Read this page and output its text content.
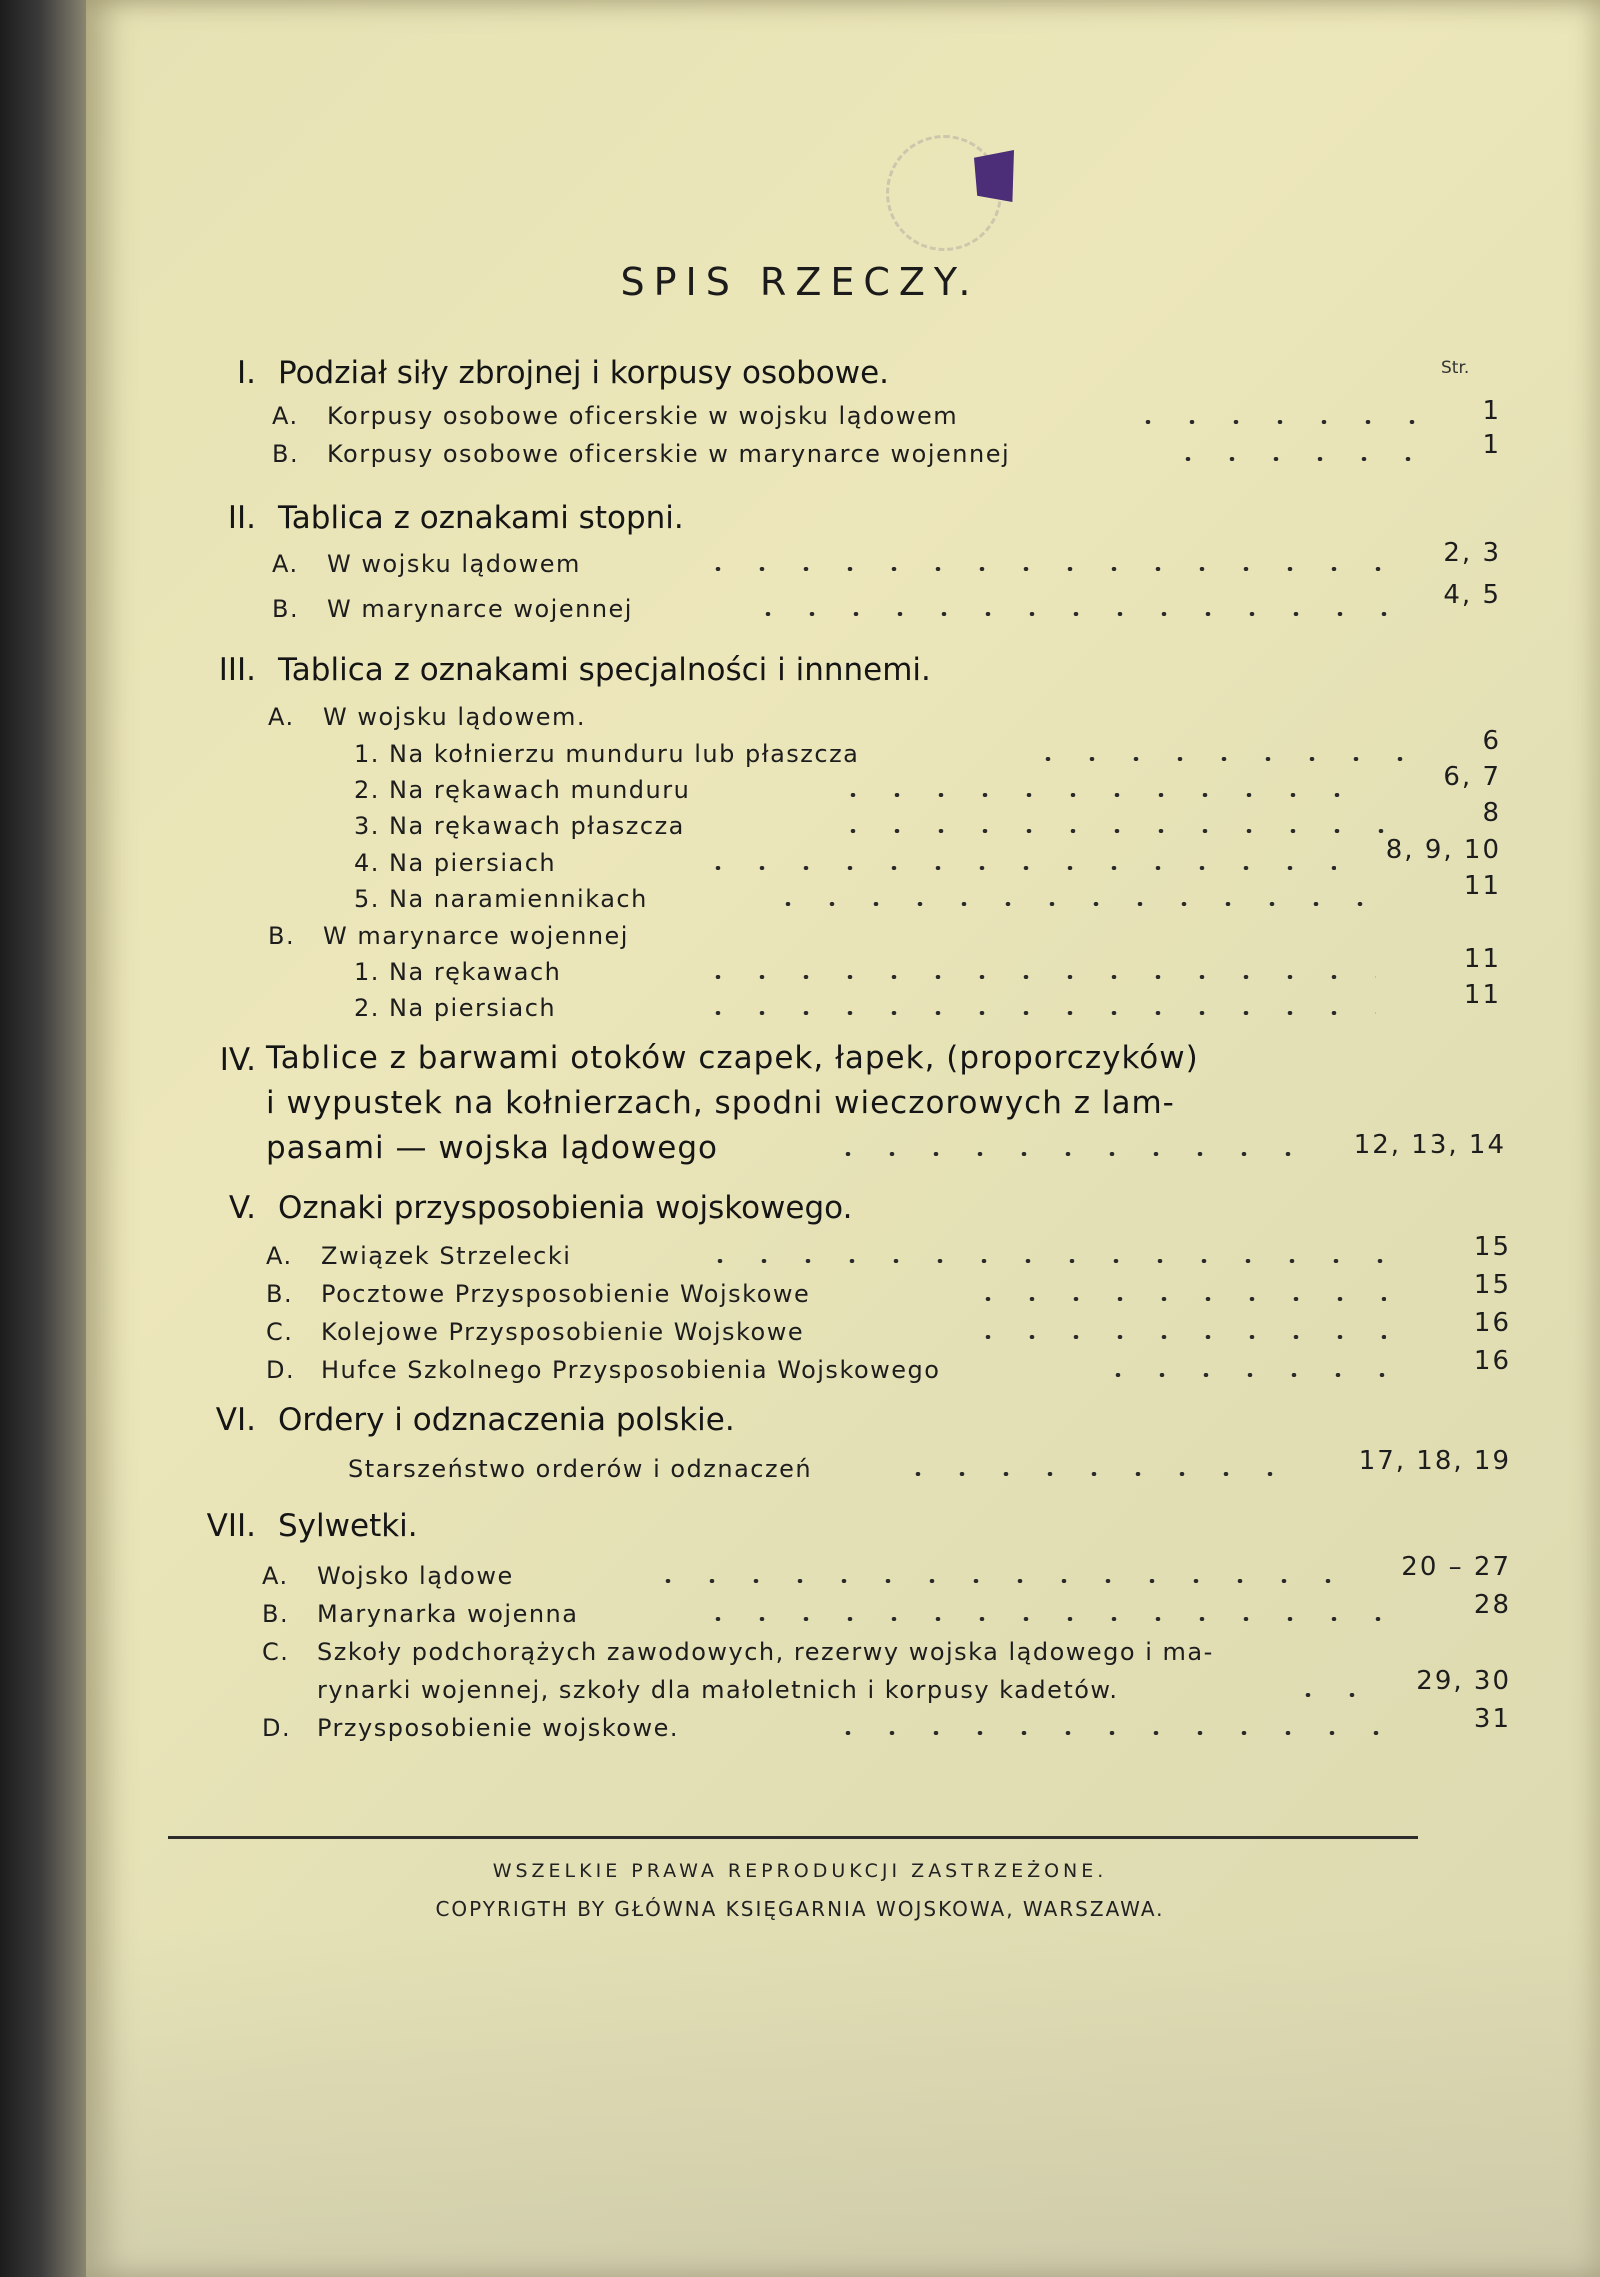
SPIS RZECZY.
Str.
I. Podział siły zbrojnej i korpusy osobowe.
A. Korpusy osobowe oficerskie w wojsku lądowem	1
B. Korpusy osobowe oficerskie w marynarce wojennej	1
II. Tablica z oznakami stopni.
A. W wojsku lądowem	2, 3
B. W marynarce wojennej	4, 5
III. Tablica z oznakami specjalności i innnemi.
A. W wojsku lądowem.
1. Na kołnierzu munduru lub płaszcza	6
2. Na rękawach munduru	6, 7
3. Na rękawach płaszcza	8
4. Na piersiach	8, 9, 10
5. Na naramiennikach	11
B. W marynarce wojennej
1. Na rękawach	11
2. Na piersiach	11
IV. Tablice z barwami otoków czapek, łapek, (proporczyków)
i wypustek na kołnierzach, spodni wieczorowych z lam-
pasami — wojska lądowego	12, 13, 14
V. Oznaki przysposobienia wojskowego.
A. Związek Strzelecki	15
B. Pocztowe Przysposobienie Wojskowe	15
C. Kolejowe Przysposobienie Wojskowe	16
D. Hufce Szkolnego Przysposobienia Wojskowego	16
VI. Ordery i odznaczenia polskie.
Starszeństwo orderów i odznaczeń	17, 18, 19
VII. Sylwetki.
A. Wojsko lądowe	20 – 27
B. Marynarka wojenna	28
C. Szkoły podchorążych zawodowych, rezerwy wojska lądowego i ma-
rynarki wojennej, szkoły dla małoletnich i korpusy kadetów.	29, 30
D. Przysposobienie wojskowe.	31
WSZELKIE PRAWA REPRODUKCJI ZASTRZEŻONE.
COPYRIGTH BY GŁÓWNA KSIĘGARNIA WOJSKOWA, WARSZAWA.
